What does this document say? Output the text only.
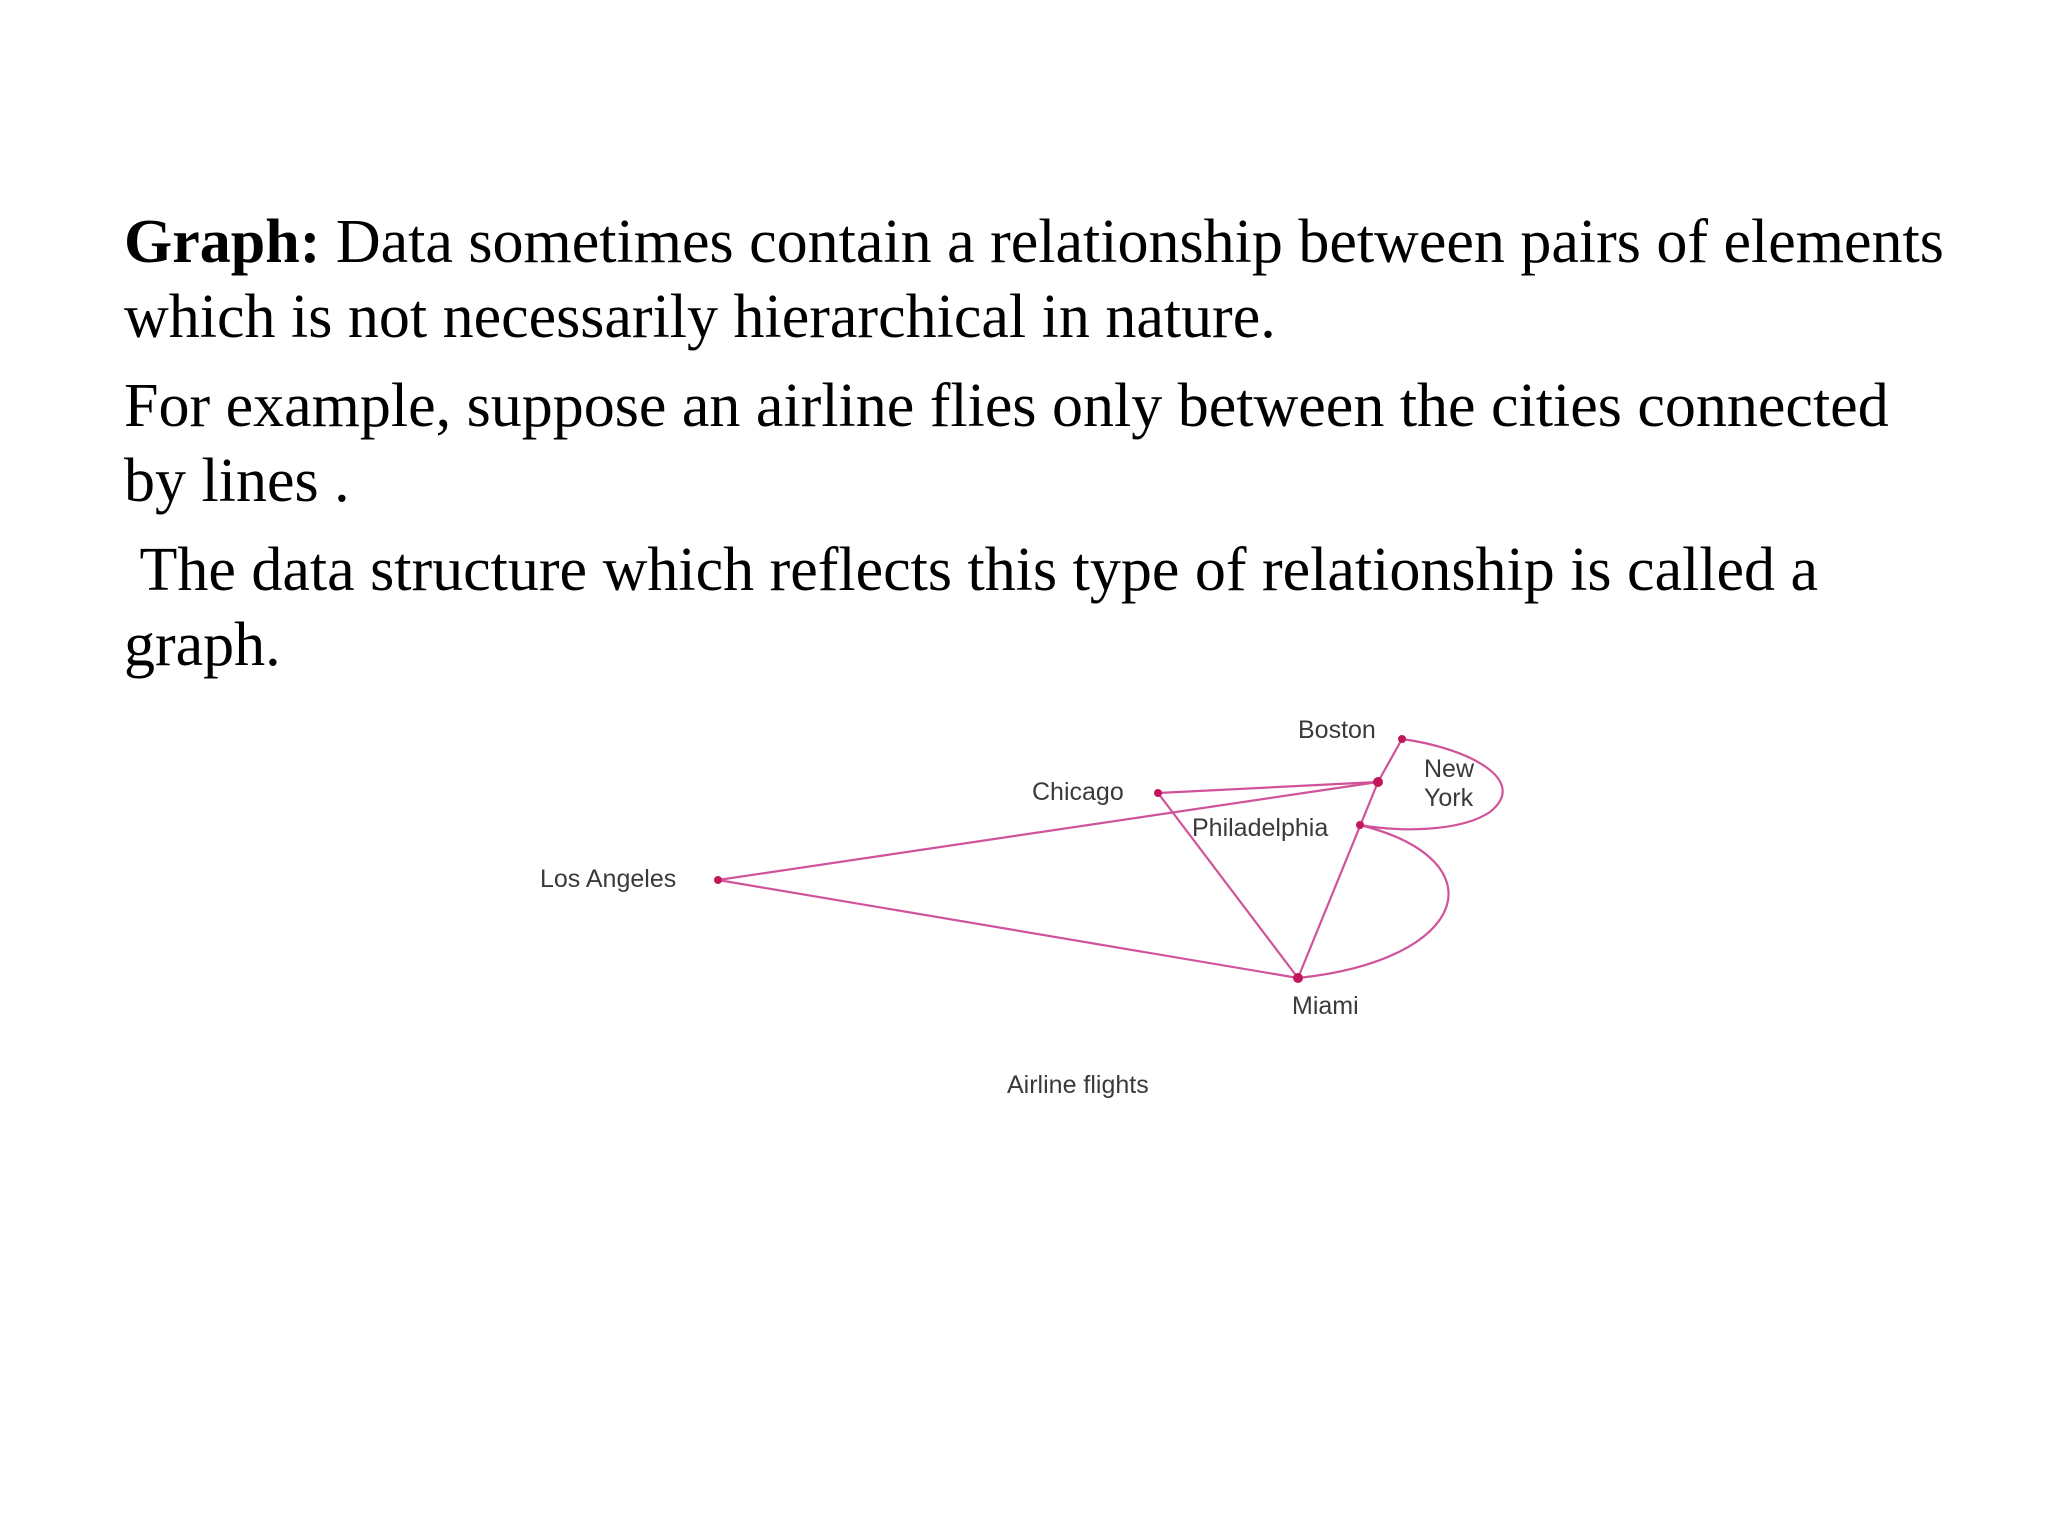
Graph: Data sometimes contain a relationship between pairs of elements which is not necessarily hierarchical in nature.

For example, suppose an airline flies only between the cities connected by lines .

The data structure which reflects this type of relationship is called a graph.

Boston
New
York
Chicago
Philadelphia
Los Angeles
Miami
Airline flights
